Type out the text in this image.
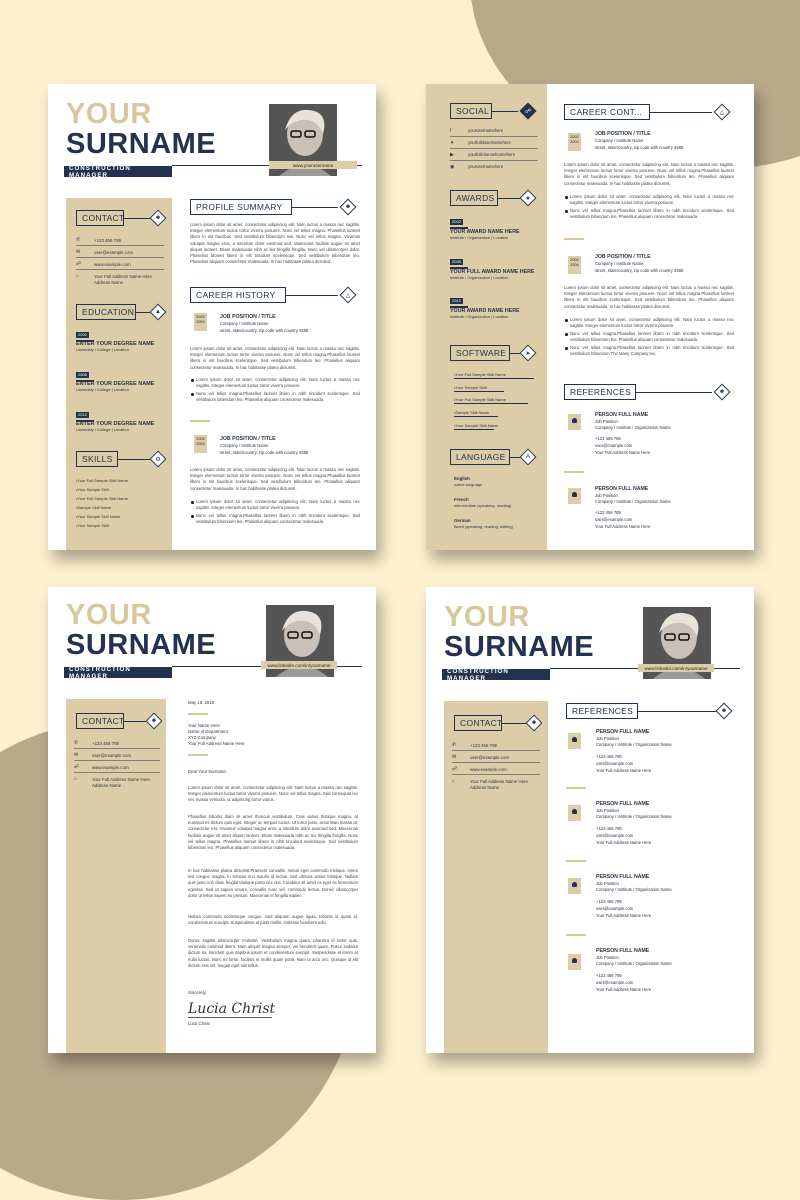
YOUR
SURNAME
CONSTRUCTION MANAGER
www.yourusername
CONTACT	☻
✆	+123 456 789
✉	user@example.com
☍	www.example.com
⌂	Your Full Address Name Here
Address Name
EDUCATION	▲
2002
ENTER YOUR DEGREE NAME
University / College | Location
2008
ENTER YOUR DEGREE NAME
University / College | Location
2012
ENTER YOUR DEGREE NAME
University / College | Location
SKILLS	⚙
• Your Full Sample Skill Name
• Your Sample Skill
• Your Full Sample Skill Name
• Sample Skill Name
• Your Sample Skill Name
• Your Sample Skill
PROFILE SUMMARY	☻
Lorem ipsum dolor sit amet, consectetur adipiscing elit. Nam luctus a massa nec sagittis. Integer elementum luctus tortor viverra posuere. Nunc vel tellus magna. Phasellus laoreet libero in elit faucibus. Sed vestibulum bibendum nisi. Nunc vel tellus magna. Vivamus volutpat magna eros, a interdum dolor euismod sed. Maecenas facilisis augue sit amet aliquet laoreet. Etiam malesuada nibh ac leo fringilla fringilla. Nunc vel ullamcorper dolor. Phasellus laoreet libero in elit tincidunt scelerisque. Sed vestibulum bibendum leo. Phasellus aliquam consectetur malesuada. In hac habitasse platea dictumst.
CAREER HISTORY	△
2002
2004
JOB POSITION / TITLE
Company / Institute Name
street, state/country, zip code with country 4568
Lorem ipsum dolor sit amet, consectetur adipiscing elit. Nam luctus a massa nec sagittis. Integer elementum luctus tortor viverra posuere. Nunc vel tellus magna.Phasellus laoreet libero in elit faucibus scelerisque. Sed vestibulum bibendum leo. Phasellus aliquam consectetur malesuada. In hac habitasse platea dictumst.
Lorem ipsum dolor sit amet, consectetur adipiscing elit. Nam luctus a massa nec sagittis. Integer elementum luctus tortor viverra posuere.
Nunc vel tellus magna.Phasellus laoreet libero in nibh tincidunt scelerisque. Sed vestibulum bibendum leo. Phasellus aliquam consectetur malesuada.
2002
2004
JOB POSITION / TITLE
Company / Institute Name
street, state/country, zip code with country 4568
Lorem ipsum dolor sit amet, consectetur adipiscing elit. Nam luctus a massa nec sagittis. Integer elementum luctus tortor viverra posuere. Nunc vel tellus magna.Phasellus laoreet libero in elit faucibus scelerisque. Sed vestibulum bibendum leo. Phasellus aliquam consectetur malesuada. In hac habitasse platea dictumst.
Lorem ipsum dolor sit amet, consectetur adipiscing elit. Nam luctus a massa nec sagittis. Integer elementum luctus tortor viverra posuere.
Nunc vel tellus magna.Phasellus laoreet libero in nibh tincidunt scelerisque. Sed vestibulum bibendum leo. Phasellus aliquam consectetur malesuada.
SOCIAL	☍
f	yourusernamehere
✦	yourfulldusernamehere
▶	yourfullchannelnamehere
◉	yourusernamehere
AWARDS	★
2002
YOUR AWARD NAME HERE
Institute / Organization | Location
2008
YOUR FULL AWARD NAME HERE
Institute / Organization | Location
2012
YOUR AWARD NAME HERE
Institute / Organization | Location
SOFTWARE	➤
• Your Full Sample Skill Name
• Your Sample Skill
• Your Full Sample Skill Name
• Sample Skill Name
• Your Sample Skill Name
LANGUAGE	A
English
native language
French
intermediate (speaking, reading)
German
fluent (speaking, reading, writing)
CAREER CONT...	△
2002
2004
JOB POSITION / TITLE
Company / Institute Name
street, state/country, zip code with country 4568
Lorem ipsum dolor sit amet, consectetur adipiscing elit. Nam luctus a massa nec sagittis. Integer elementum luctus tortor viverra posuere. Nunc vel tellus magna.Phasellus laoreet libero in elit faucibus scelerisque. Sed vestibulum bibendum leo. Phasellus aliquam consectetur malesuada. In hac habitasse platea dictumst.
Lorem ipsum dolor sit amet, consectetur adipiscing elit. Nam luctus a massa nec sagittis. Integer elementum luctus tortor viverra posuere.
Nunc vel tellus magna.Phasellus laoreet libero in nibh tincidunt scelerisque. Sed vestibulum bibendum leo. Phasellus aliquam consectetur malesuada.
2002
2004
JOB POSITION / TITLE
Company / Institute Name
street, state/country, zip code with country 4568
Lorem ipsum dolor sit amet, consectetur adipiscing elit. Nam luctus a massa nec sagittis. Integer elementum luctus tortor viverra posuere. Nunc vel tellus magna.Phasellus laoreet libero in elit faucibus scelerisque. Sed vestibulum bibendum leo. Phasellus aliquam consectetur malesuada. In hac habitasse platea dictumst.
Lorem ipsum dolor sit amet, consectetur adipiscing elit. Nam luctus a massa nec sagittis. Integer elementum luctus tortor viverra posuere.
Nunc vel tellus magna.Phasellus laoreet libero in nibh tincidunt scelerisque. Sed vestibulum bibendum leo. Phasellus aliquam consectetur malesuada.
Nunc vel tellus magna.Phasellus laoreet libero in nibh tincidunt scelerisque. Sed vestibulum bibendum The Many Company lex.
REFERENCES	☻
PERSON FULL NAME
Job Position
Company / Institute / Organization Name
+123 456 789
user@example.com
Your Full Address Name Here
PERSON FULL NAME
Job Position
Company / Institute / Organization Name
+123 456 789
user@example.com
Your Full Address Name Here
YOUR
SURNAME
CONSTRUCTION MANAGER
www.linkedin.com/in/yourname
CONTACT	☻
✆	+123 456 789
✉	user@example.com
☍	www.example.com
⌂	Your Full Address Name Here
Address Name
May 15, 2018
Your Name Here
Name of Department
XYZ Company
Your Full Address Name Here
Dear Your Surname:
Lorem ipsum dolor sit amet, consectetur adipiscing elit. Nam luctus a massa nec sagittis. Integer elementum luctus tortor viverra posuere. Nunc vel tellus magna. Sed consequat leo nec massa vehicula, ut adipiscing tortor varius.
Phasellus lobortis diam sit amet rhoncus vestibulum. Cras varius tristique magna, at euismod mi dictum quis eget. Integer ac tempus luctus. Ut tortor justo, accumsan massa at, consectetur est. Vivamus volutpat magna eros, a interdum dolor euismod sed. Maecenas facilisis augue sit amet aliquet laoreet. Etiam malesuada nibh ac leo fringilla fringilla. Nunc vel tellus magna. Phasellus laoreet libero in nibh tincidunt scelerisque. Sed vestibulum bibendum leo. Phasellus aliquam consectetur malesuada.
In hac habitasse platea dictumst.Praesent convallis, metus eget commodo tristique, lorem nisl congue magna, in tempus orci mauris id lectus. Sed ultrices varius tristique. Nullam quis justo non diam feugiat tristique porta nec nisi. Curabitur sit amet ex eget ex fermentum egestas. Sed ut sapien ornare, convallis nunc vel, commodo lectus. Donec ullamcorper dolor ut tellus sapien eu pretium. Maecenas et fringilla sapien.
Nullam commodo scelerisque congue. Sed aliquam augue ligula, lobortis id quam id, condimentum suscipit. Suspendisse at justo mollis, molestie hendrerit odio.
Donec sagittis ullamcorper molestie. Vestibulum magna quam, pharetra id tortor quis, venenatis euismod libero. Nam aliquet magna semper, vel hendrerit quam. Fusce sodales dictum mi, tincidunt quis dapibus ipsum et condimentum suscipit. Suspendisse et lorem at nulla luctus. Nunc mi tortor, facilisis et mollis quam porta. Nam ut arcu orci. Quisque id elit dictum erat vel, feugiat eget nisl tellus.
Sincerely,
Lucia Christ
Luca Christ
YOUR
SURNAME
CONSTRUCTION MANAGER
www.linkedin.com/in/yourname
CONTACT	☻
✆	+123 456 789
✉	user@example.com
☍	www.example.com
⌂	Your Full Address Name Here
Address Name
REFERENCES	☻
PERSON FULL NAME
Job Position
Company / Institute / Organization Name
+123 456 789
user@example.com
Your Full Address Name Here
PERSON FULL NAME
Job Position
Company / Institute / Organization Name
+123 456 789
user@example.com
Your Full Address Name Here
PERSON FULL NAME
Job Position
Company / Institute / Organization Name
+123 456 789
user@example.com
Your Full Address Name Here
PERSON FULL NAME
Job Position
Company / Institute / Organization Name
+123 456 789
user@example.com
Your Full Address Name Here
